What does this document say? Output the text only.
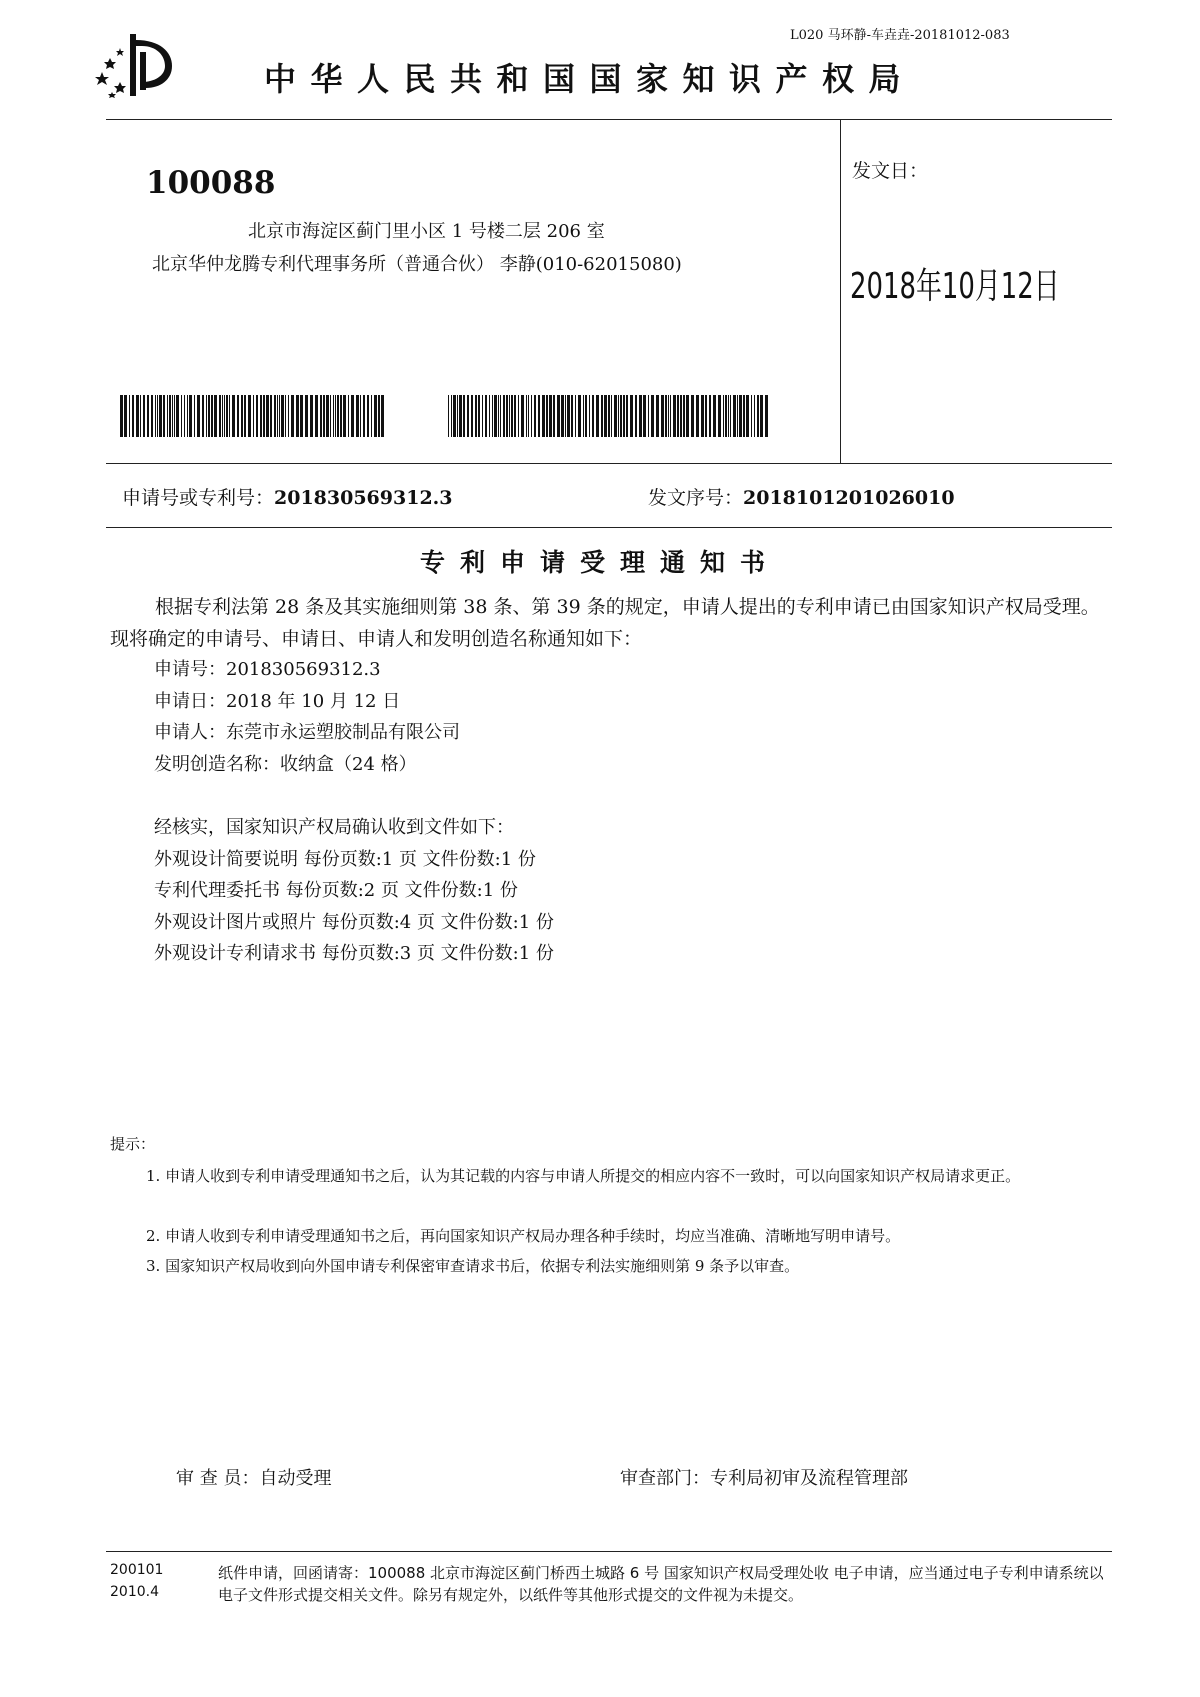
L020 马环静-车垚垚-20181012-083
中华人民共和国国家知识产权局
100088
北京市海淀区蓟门里小区 1 号楼二层 206 室
北京华仲龙腾专利代理事务所（普通合伙） 李静(010-62015080)
发文日：
2018年10月12日
申请号或专利号：201830569312.3	发文序号：2018101201026010
专利申请受理通知书
根据专利法第 28 条及其实施细则第 38 条、第 39 条的规定，申请人提出的专利申请已由国家知识产权局受理。现将确定的申请号、申请日、申请人和发明创造名称通知如下：
申请号：201830569312.3
申请日：2018 年 10 月 12 日
申请人：东莞市永运塑胶制品有限公司
发明创造名称：收纳盒（24 格）
经核实，国家知识产权局确认收到文件如下：
外观设计简要说明 每份页数:1 页 文件份数:1 份
专利代理委托书 每份页数:2 页 文件份数:1 份
外观设计图片或照片 每份页数:4 页 文件份数:1 份
外观设计专利请求书 每份页数:3 页 文件份数:1 份
提示：
1. 申请人收到专利申请受理通知书之后，认为其记载的内容与申请人所提交的相应内容不一致时，可以向国家知识产权局请求更正。
2. 申请人收到专利申请受理通知书之后，再向国家知识产权局办理各种手续时，均应当准确、清晰地写明申请号。
3. 国家知识产权局收到向外国申请专利保密审查请求书后，依据专利法实施细则第 9 条予以审查。
审 查 员：自动受理	审查部门：专利局初审及流程管理部
200101
2010.4
纸件申请，回函请寄：100088 北京市海淀区蓟门桥西土城路 6 号 国家知识产权局受理处收 电子申请，应当通过电子专利申请系统以电子文件形式提交相关文件。除另有规定外，以纸件等其他形式提交的文件视为未提交。
